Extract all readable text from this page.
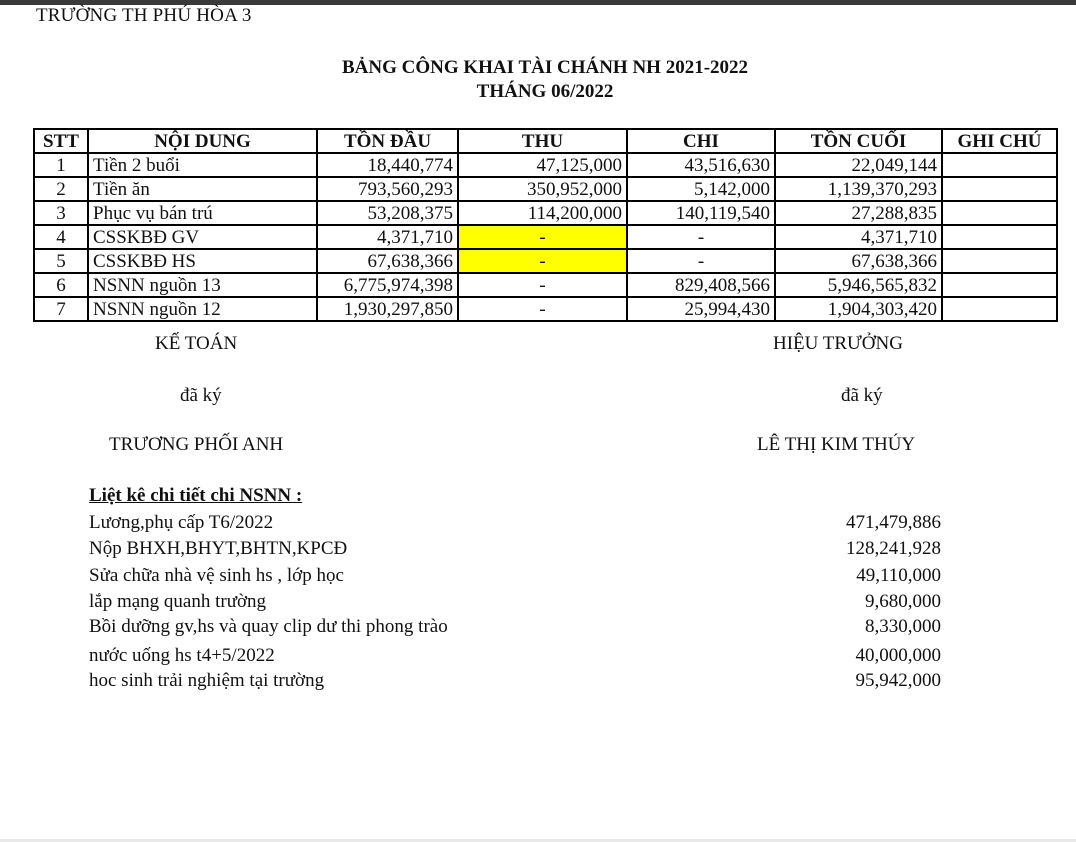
TRƯỜNG TH PHÚ HÒA 3
BẢNG CÔNG KHAI TÀI CHÁNH NH 2021-2022
THÁNG 06/2022
STT	NỘI DUNG	TỒN ĐẦU	THU	CHI	TỒN CUỐI	GHI CHÚ
1	Tiền 2 buổi	18,440,774	47,125,000	43,516,630	22,049,144	
2	Tiền ăn	793,560,293	350,952,000	5,142,000	1,139,370,293	
3	Phục vụ bán trú	53,208,375	114,200,000	140,119,540	27,288,835	
4	CSSKBĐ GV	4,371,710	-	-	4,371,710	
5	CSSKBĐ HS	67,638,366	-	-	67,638,366	
6	NSNN nguồn 13	6,775,974,398	-	829,408,566	5,946,565,832	
7	NSNN nguồn 12	1,930,297,850	-	25,994,430	1,904,303,420	
KẾ TOÁN	HIỆU TRƯỞNG
đã ký	đã ký
TRƯƠNG PHỐI ANH	LÊ THỊ KIM THÚY
Liệt kê chi tiết chi NSNN :
Lương,phụ cấp T6/2022	471,479,886
Nộp BHXH,BHYT,BHTN,KPCĐ	128,241,928
Sửa chữa nhà vệ sinh hs , lớp học	49,110,000
lắp mạng quanh trường	9,680,000
Bồi dưỡng gv,hs và quay clip dư thi phong trào	8,330,000
nước uống hs t4+5/2022	40,000,000
hoc sinh trải nghiệm tại trường	95,942,000
